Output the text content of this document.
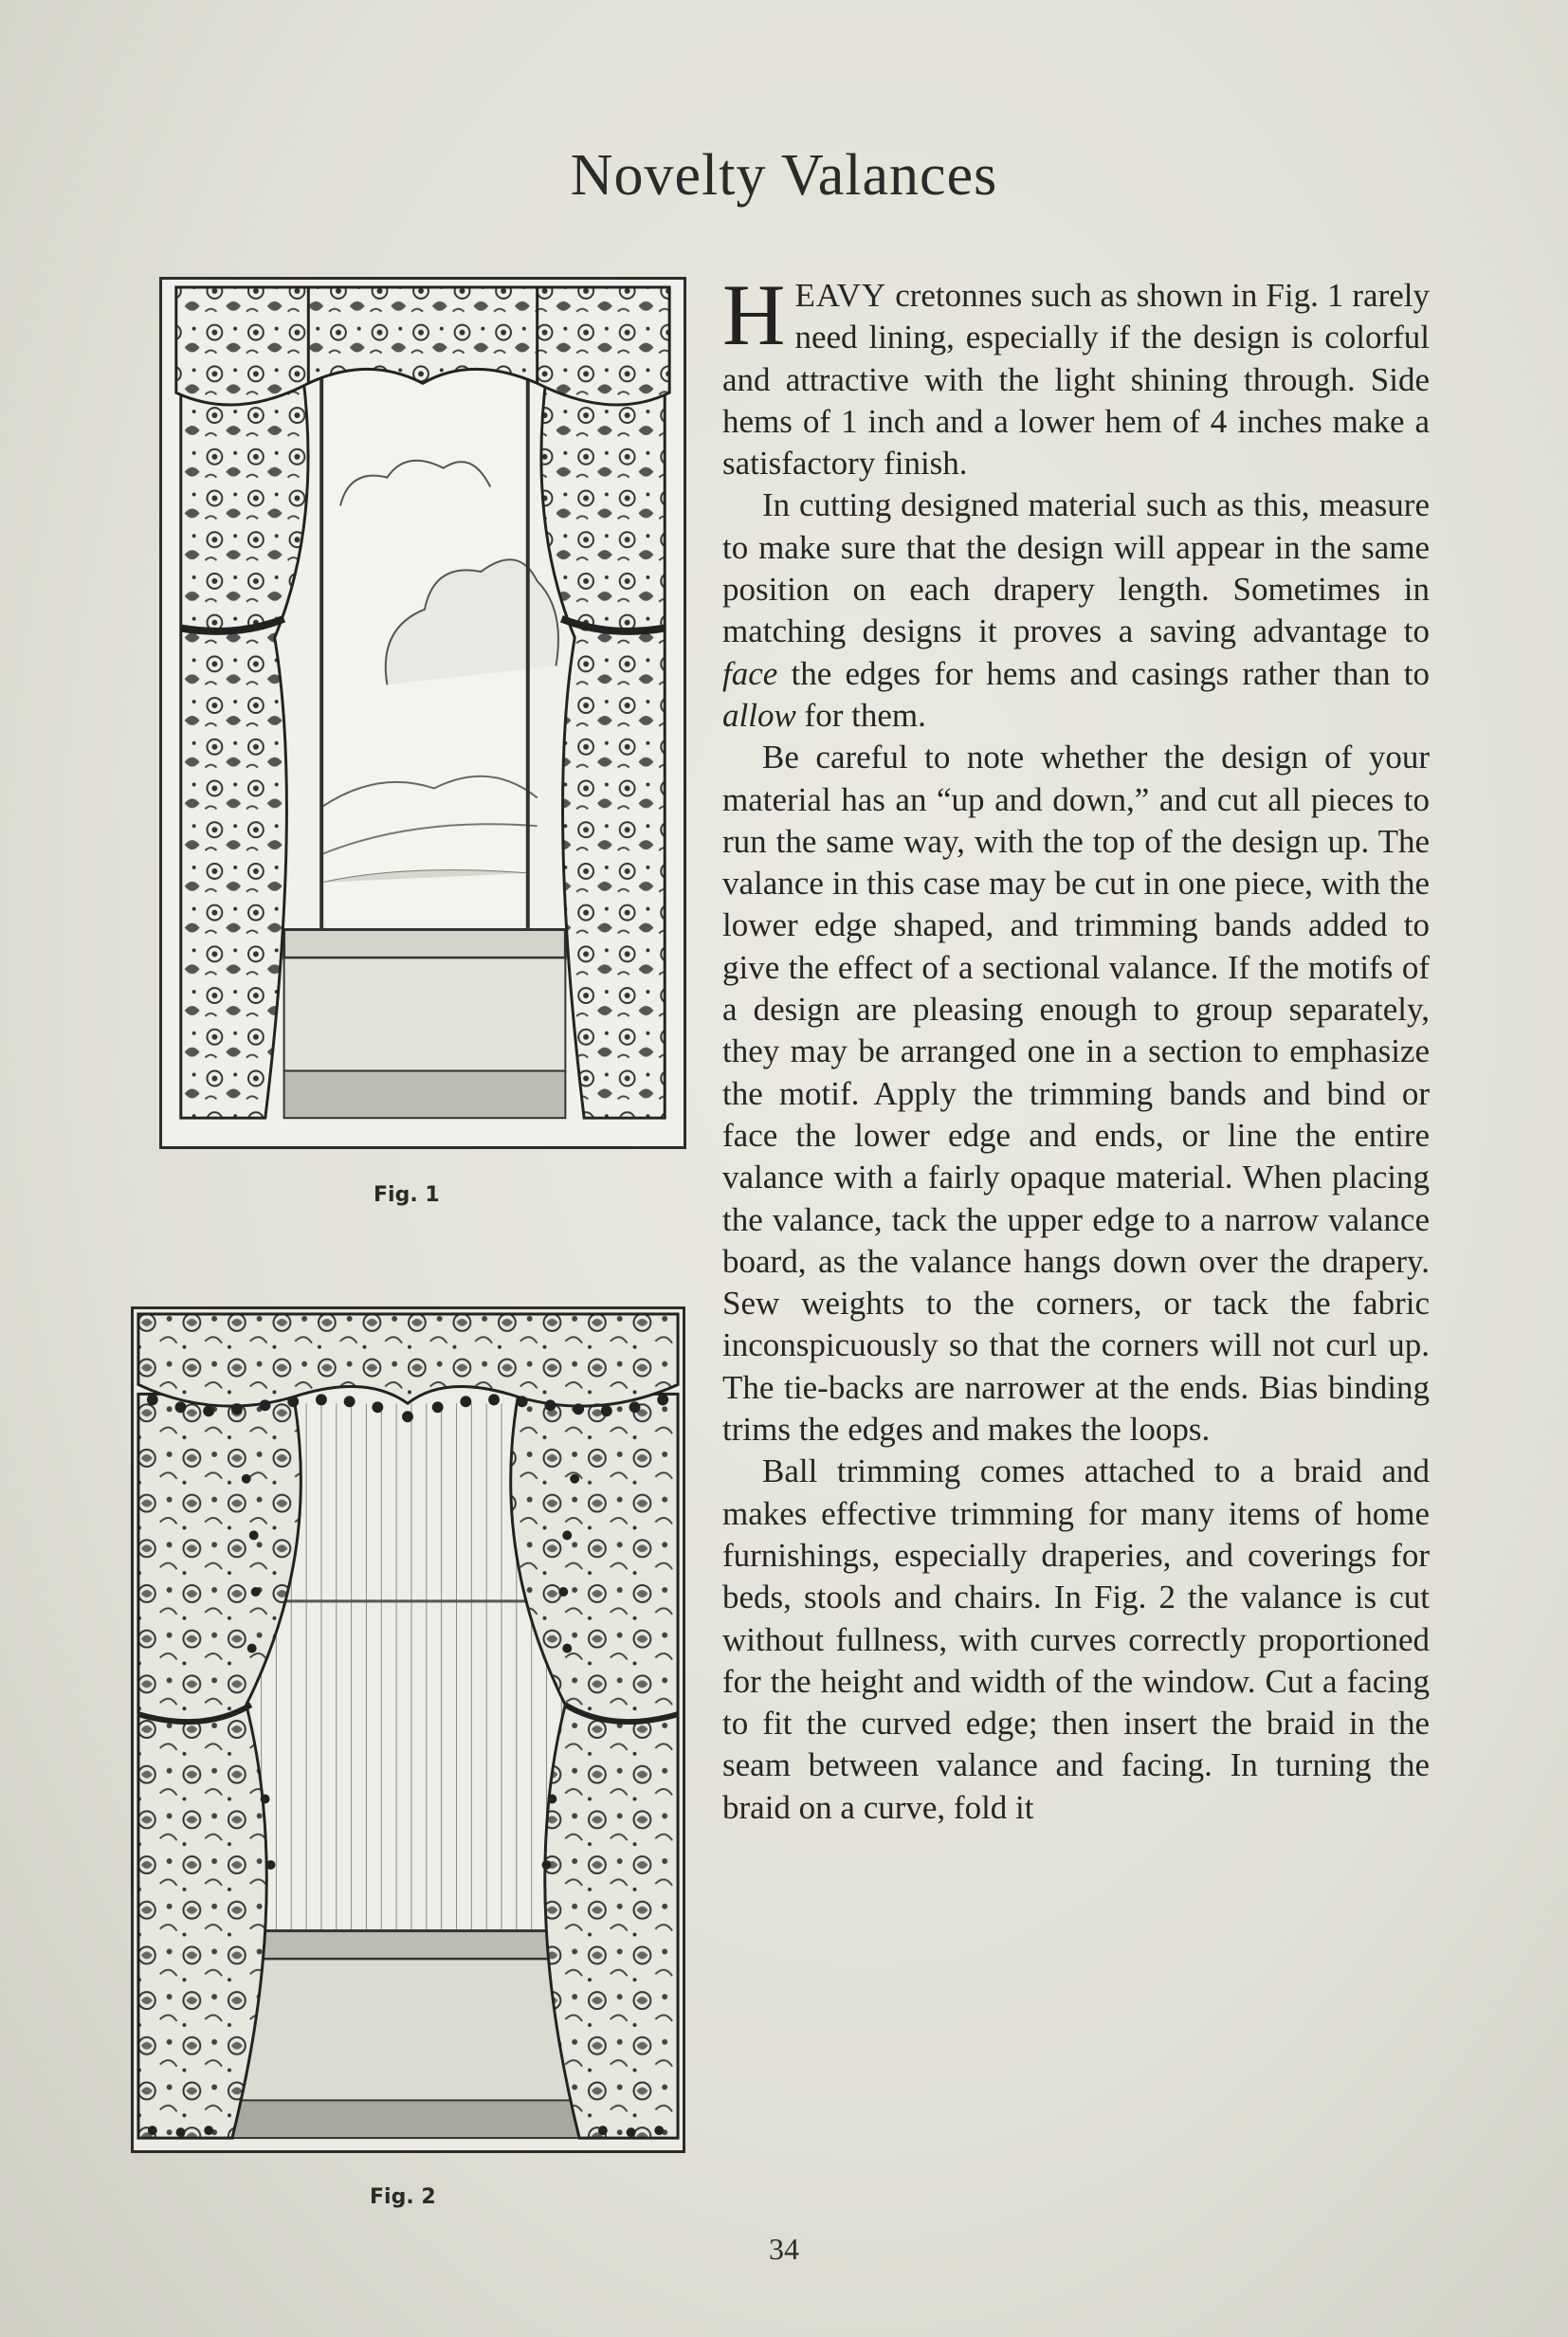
Novelty Valances
Fig. 1
Fig. 2

HEAVY cretonnes such as shown in Fig. 1 rarely need lining, especially if the design is colorful and attractive with the light shining through. Side hems of 1 inch and a lower hem of 4 inches make a satisfactory finish.

In cutting designed material such as this, measure to make sure that the design will appear in the same position on each drapery length. Sometimes in matching designs it proves a saving advantage to face the edges for hems and casings rather than to allow for them.

Be careful to note whether the design of your material has an “up and down,” and cut all pieces to run the same way, with the top of the design up. The valance in this case may be cut in one piece, with the lower edge shaped, and trimming bands added to give the effect of a sectional valance. If the motifs of a design are pleasing enough to group separately, they may be arranged one in a section to emphasize the motif. Apply the trimming bands and bind or face the lower edge and ends, or line the entire valance with a fairly opaque material. When placing the valance, tack the upper edge to a narrow valance board, as the valance hangs down over the drapery. Sew weights to the corners, or tack the fabric inconspicuously so that the corners will not curl up. The tie-backs are narrower at the ends. Bias binding trims the edges and makes the loops.

Ball trimming comes attached to a braid and makes effective trimming for many items of home furnishings, especially draperies, and coverings for beds, stools and chairs. In Fig. 2 the valance is cut without fullness, with curves correctly proportioned for the height and width of the window. Cut a facing to fit the curved edge; then insert the braid in the seam between valance and facing. In turning the braid on a curve, fold it

34
